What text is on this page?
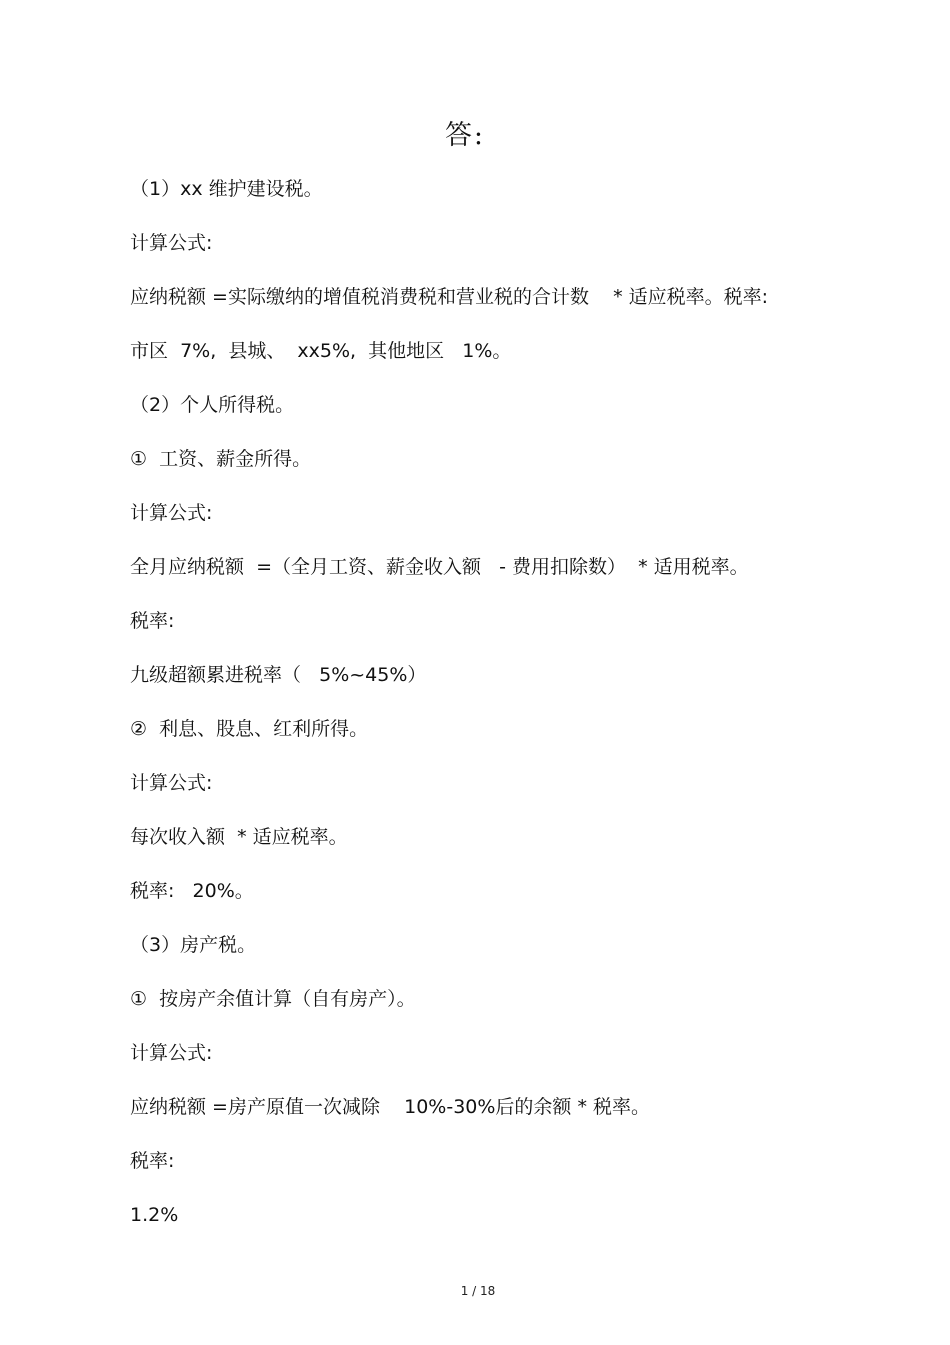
答:
（1）xx 维护建设税。
计算公式:
应纳税额 =实际缴纳的增值税消费税和营业税的合计数    * 适应税率。税率:
市区  7%,  县城、  xx5%,  其他地区   1%。
（2）个人所得税。
①  工资、薪金所得。
计算公式:
全月应纳税额  =（全月工资、薪金收入额   - 费用扣除数）  * 适用税率。
税率:
九级超额累进税率（   5%~45%）
②  利息、股息、红利所得。
计算公式:
每次收入额  * 适应税率。
税率:   20%。
（3）房产税。
①  按房产余值计算（自有房产）。
计算公式:
应纳税额 =房产原值一次减除    10%-30%后的余额 * 税率。
税率:
1.2%
1 / 18
